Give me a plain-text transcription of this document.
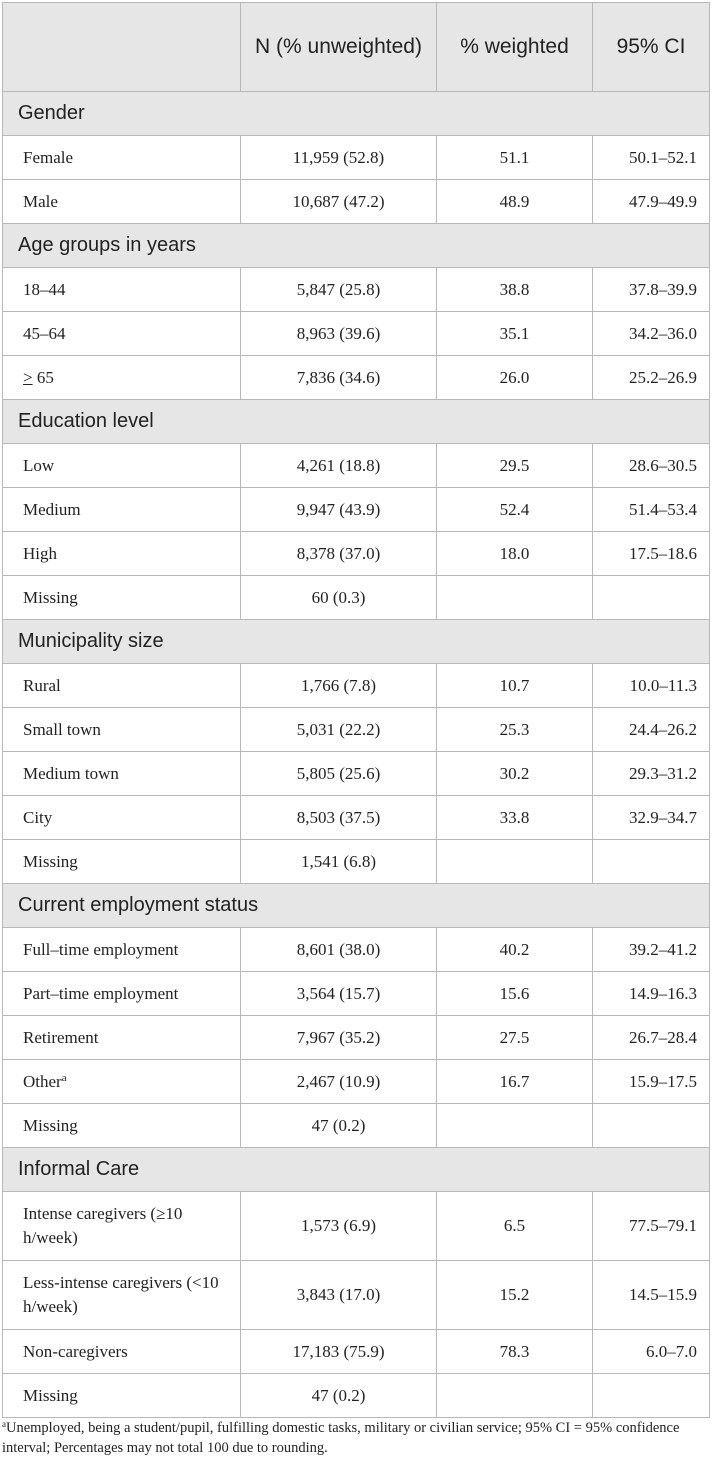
	N (% unweighted)	% weighted	95% CI
Gender			
Female	11,959 (52.8)	51.1	50.1–52.1
Male	10,687 (47.2)	48.9	47.9–49.9
Age groups in years			
18–44	5,847 (25.8)	38.8	37.8–39.9
45–64	8,963 (39.6)	35.1	34.2–36.0
> 65	7,836 (34.6)	26.0	25.2–26.9
Education level			
Low	4,261 (18.8)	29.5	28.6–30.5
Medium	9,947 (43.9)	52.4	51.4–53.4
High	8,378 (37.0)	18.0	17.5–18.6
Missing	60 (0.3)		
Municipality size			
Rural	1,766 (7.8)	10.7	10.0–11.3
Small town	5,031 (22.2)	25.3	24.4–26.2
Medium town	5,805 (25.6)	30.2	29.3–31.2
City	8,503 (37.5)	33.8	32.9–34.7
Missing	1,541 (6.8)		
Current employment status			
Full–time employment	8,601 (38.0)	40.2	39.2–41.2
Part–time employment	3,564 (15.7)	15.6	14.9–16.3
Retirement	7,967 (35.2)	27.5	26.7–28.4
Other$^a$	2,467 (10.9)	16.7	15.9–17.5
Missing	47 (0.2)		
Informal Care			
Intense caregivers (≥10 h/week)	1,573 (6.9)	6.5	77.5–79.1
Less-intense caregivers (<10 h/week)	3,843 (17.0)	15.2	14.5–15.9
Non-caregivers	17,183 (75.9)	78.3	6.0–7.0
Missing	47 (0.2)		
$^a$Unemployed, being a student/pupil, fulfilling domestic tasks, military or civilian service; 95% CI = 95% confidence interval; Percentages may not total 100 due to rounding.
